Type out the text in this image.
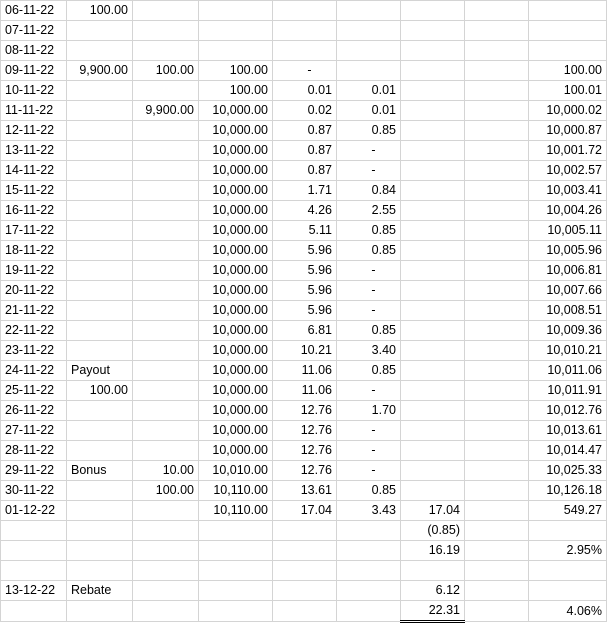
06-11-22	100.00							
07-11-22								
08-11-22								
09-11-22	9,900.00	100.00	100.00	-				100.00
10-11-22			100.00	0.01	0.01			100.01
11-11-22		9,900.00	10,000.00	0.02	0.01			10,000.02
12-11-22			10,000.00	0.87	0.85			10,000.87
13-11-22			10,000.00	0.87	-			10,001.72
14-11-22			10,000.00	0.87	-			10,002.57
15-11-22			10,000.00	1.71	0.84			10,003.41
16-11-22			10,000.00	4.26	2.55			10,004.26
17-11-22			10,000.00	5.11	0.85			10,005.11
18-11-22			10,000.00	5.96	0.85			10,005.96
19-11-22			10,000.00	5.96	-			10,006.81
20-11-22			10,000.00	5.96	-			10,007.66
21-11-22			10,000.00	5.96	-			10,008.51
22-11-22			10,000.00	6.81	0.85			10,009.36
23-11-22			10,000.00	10.21	3.40			10,010.21
24-11-22	Payout		10,000.00	11.06	0.85			10,011.06
25-11-22	100.00		10,000.00	11.06	-			10,011.91
26-11-22			10,000.00	12.76	1.70			10,012.76
27-11-22			10,000.00	12.76	-			10,013.61
28-11-22			10,000.00	12.76	-			10,014.47
29-11-22	Bonus	10.00	10,010.00	12.76	-			10,025.33
30-11-22		100.00	10,110.00	13.61	0.85			10,126.18
01-12-22			10,110.00	17.04	3.43	17.04		549.27
						(0.85)		
						16.19		2.95%

13-12-22	Rebate					6.12		
						22.31		4.06%
